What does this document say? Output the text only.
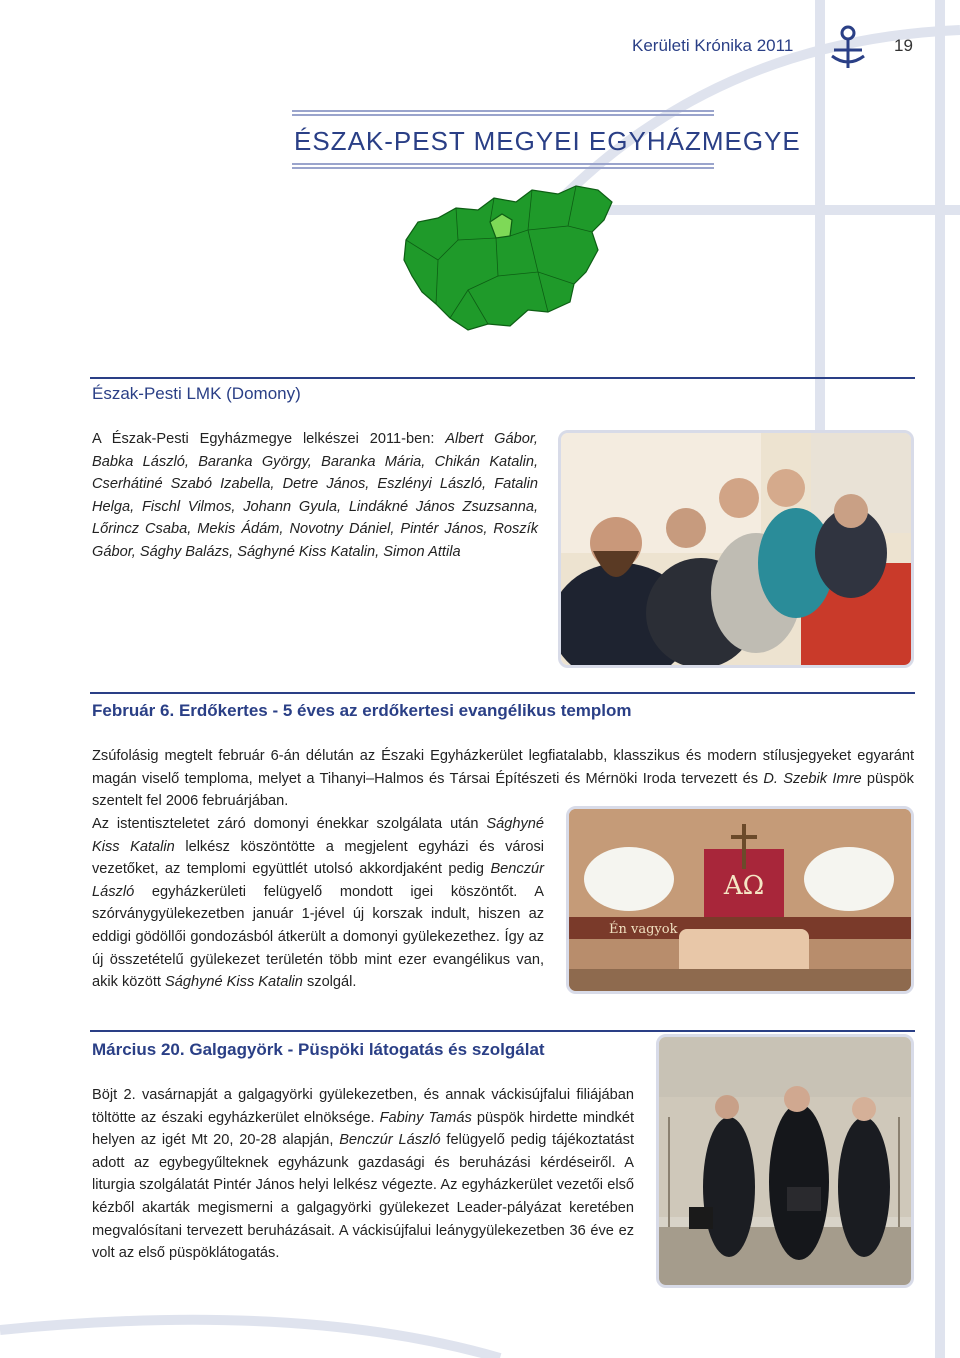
Kerületi Krónika 2011	19
ÉSZAK-PEST MEGYEI EGYHÁZMEGYE
Észak-Pesti LMK (Domony)
A Észak-Pesti Egyházmegye lelkészei 2011-ben: Albert Gábor, Babka László, Baranka György, Baranka Mária, Chikán Katalin, Cserhátiné Szabó Izabella, Detre János, Eszlényi László, Fatalin Helga, Fischl Vilmos, Johann Gyula, Lindákné János Zsuzsanna, Lőrincz Csaba, Mekis Ádám, Novotny Dániel, Pintér János, Roszík Gábor, Sághy Balázs, Sághyné Kiss Katalin, Simon Attila
Február 6. Erdőkertes - 5 éves az erdőkertesi evangélikus templom
Zsúfolásig megtelt február 6-án délután az Északi Egyházkerület legfiatalabb, klasszikus és modern stílusjegyeket egyaránt magán viselő temploma, melyet a Tihanyi–Halmos és Társai Építészeti és Mérnöki Iroda tervezett és D. Szebik Imre püspök szentelt fel 2006 februárjában.
Az istentiszteletet záró domonyi énekkar szolgálata után Sághyné Kiss Katalin lelkész köszöntötte a megjelent egyházi és városi vezetőket, az templomi együttlét utolsó akkordjaként pedig Benczúr László egyházkerületi felügyelő mondott igei köszöntőt. A szórványgyülekezetben január 1-jével új korszak indult, hiszen az eddigi gödöllői gondozásból átkerült a domonyi gyülekezethez. Így az új összetételű gyülekezet területén több mint ezer evangélikus van, akik között Sághyné Kiss Katalin szolgál.
AΩ
Én vagyok
Március 20. Galgagyörk - Püspöki látogatás és szolgálat
Böjt 2. vasárnapját a galgagyörki gyülekezetben, és annak váckisújfalui filiájában töltötte az északi egyházkerület elnöksége. Fabiny Tamás püspök hirdette mindkét helyen az igét Mt 20, 20-28 alapján, Benczúr László felügyelő pedig tájékoztatást adott az egybegyűlteknek egyházunk gazdasági és beruházási kérdéseiről. A liturgia szolgálatát Pintér János helyi lelkész végezte. Az egyházkerület vezetői első kézből akarták megismerni a galgagyörki gyülekezet Leader-pályázat keretében megvalósítani tervezett beruházásait. A váckisújfalui leánygyülekezetben 36 éve ez volt az első püspöklátogatás.
